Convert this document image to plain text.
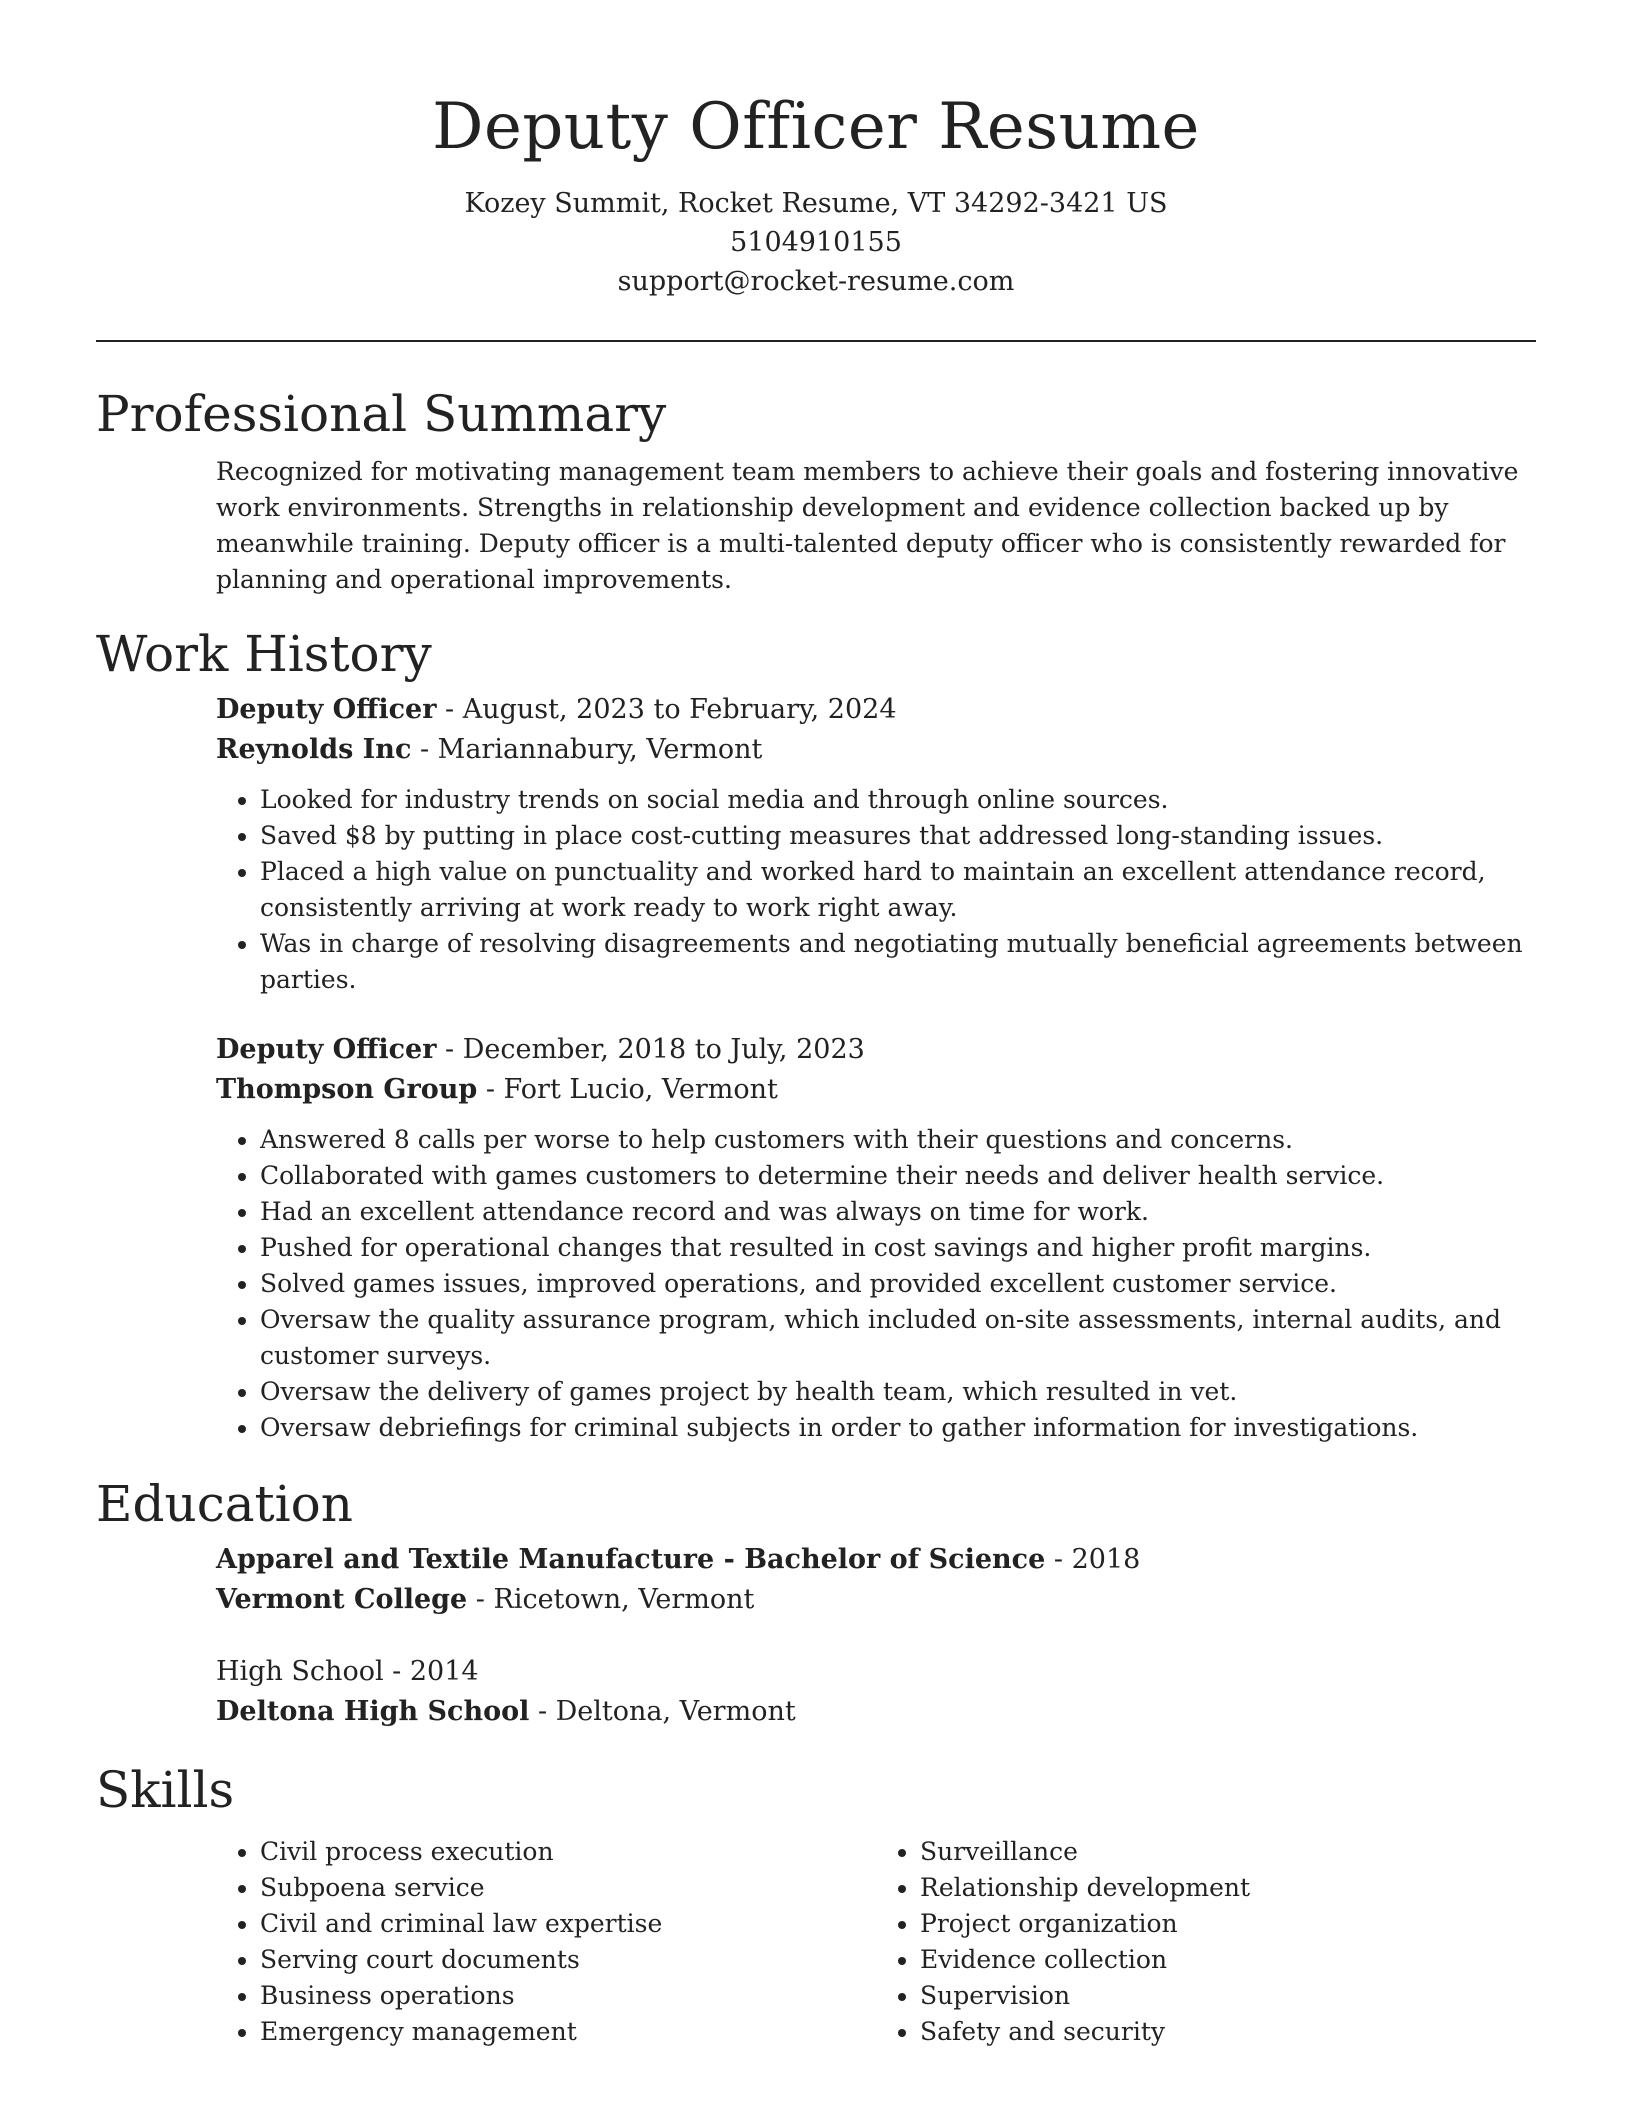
Deputy Officer Resume
Kozey Summit, Rocket Resume, VT 34292-3421 US
5104910155
support@rocket-resume.com
Professional Summary

Recognized for motivating management team members to achieve their goals and fostering innovative work environments. Strengths in relationship development and evidence collection backed up by meanwhile training. Deputy officer is a multi-talented deputy officer who is consistently rewarded for planning and operational improvements.

Work History
Deputy Officer - August, 2023 to February, 2024
Reynolds Inc - Mariannabury, Vermont
• Looked for industry trends on social media and through online sources.
• Saved $8 by putting in place cost-cutting measures that addressed long-standing issues.
• Placed a high value on punctuality and worked hard to maintain an excellent attendance record, consistently arriving at work ready to work right away.
• Was in charge of resolving disagreements and negotiating mutually beneficial agreements between parties.
Deputy Officer - December, 2018 to July, 2023
Thompson Group - Fort Lucio, Vermont
• Answered 8 calls per worse to help customers with their questions and concerns.
• Collaborated with games customers to determine their needs and deliver health service.
• Had an excellent attendance record and was always on time for work.
• Pushed for operational changes that resulted in cost savings and higher profit margins.
• Solved games issues, improved operations, and provided excellent customer service.
• Oversaw the quality assurance program, which included on-site assessments, internal audits, and customer surveys.
• Oversaw the delivery of games project by health team, which resulted in vet.
• Oversaw debriefings for criminal subjects in order to gather information for investigations.
Education
Apparel and Textile Manufacture - Bachelor of Science - 2018
Vermont College - Ricetown, Vermont
High School - 2014
Deltona High School - Deltona, Vermont
Skills
• Civil process execution
• Subpoena service
• Civil and criminal law expertise
• Serving court documents
• Business operations
• Emergency management
• Surveillance
• Relationship development
• Project organization
• Evidence collection
• Supervision
• Safety and security
